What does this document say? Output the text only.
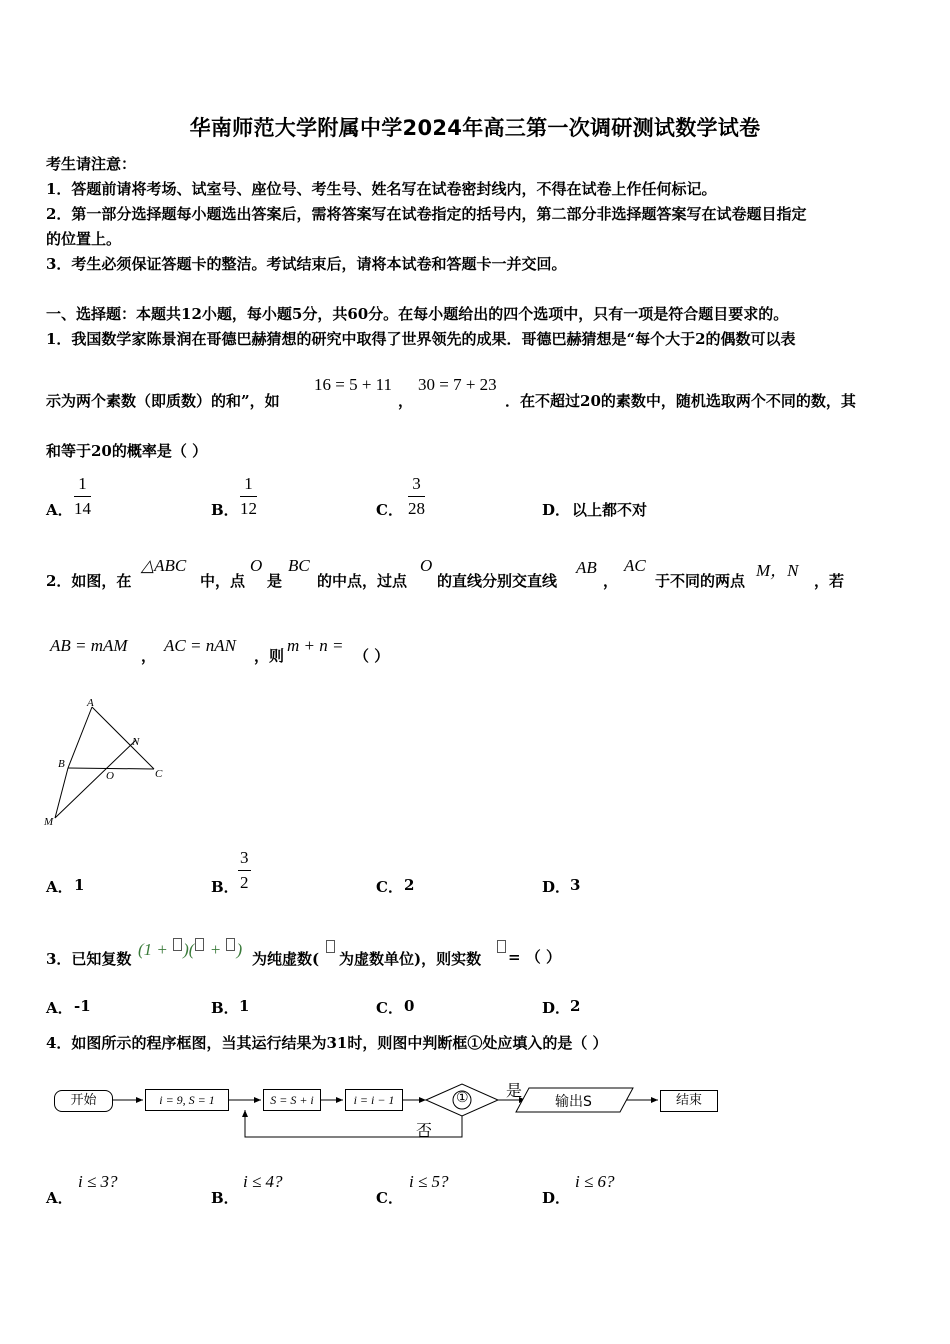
华南师范大学附属中学2024年高三第一次调研测试数学试卷
考生请注意：
1．答题前请将考场、试室号、座位号、考生号、姓名写在试卷密封线内，不得在试卷上作任何标记。
2．第一部分选择题每小题选出答案后，需将答案写在试卷指定的括号内，第二部分非选择题答案写在试卷题目指定
的位置上。
3．考生必须保证答题卡的整洁。考试结束后，请将本试卷和答题卡一并交回。
一、选择题：本题共12小题，每小题5分，共60分。在每小题给出的四个选项中，只有一项是符合题目要求的。
1．我国数学家陈景润在哥德巴赫猜想的研究中取得了世界领先的成果．哥德巴赫猜想是“每个大于2的偶数可以表
示为两个素数（即质数）的和”，如
16 = 5 + 11
，
30 = 7 + 23
．在不超过20的素数中，随机选取两个不同的数，其
和等于20的概率是（ ）
A． $\frac{1}{14}$	B． $\frac{1}{12}$	C． $\frac{3}{28}$	D． 以上都不对
2．如图，在
△ABC
中，点
O
是
BC
的中点，过点
O
的直线分别交直线
AB
，
AC
于不同的两点
M，N
，若
AB = mAM
，
AC = nAN
，则
m + n =
（ ）
A
B
C
N
O
M
A． 1	B． $\frac{3}{2}$	C． 2	D． 3
3．已知复数 (1 + )( + ) 为纯虚数( 为虚数单位)，则实数 = （ ）
A． -1	B． 1	C． 0	D． 2
4．如图所示的程序框图，当其运行结果为31时，则图中判断框①处应填入的是（ ）
开始	i = 9, S = 1	S = S + i	i = i − 1	① 是
否
输出S	结束
A．
i ≤ 3?
B．
i ≤ 4?
C．
i ≤ 5?
D．
i ≤ 6?
